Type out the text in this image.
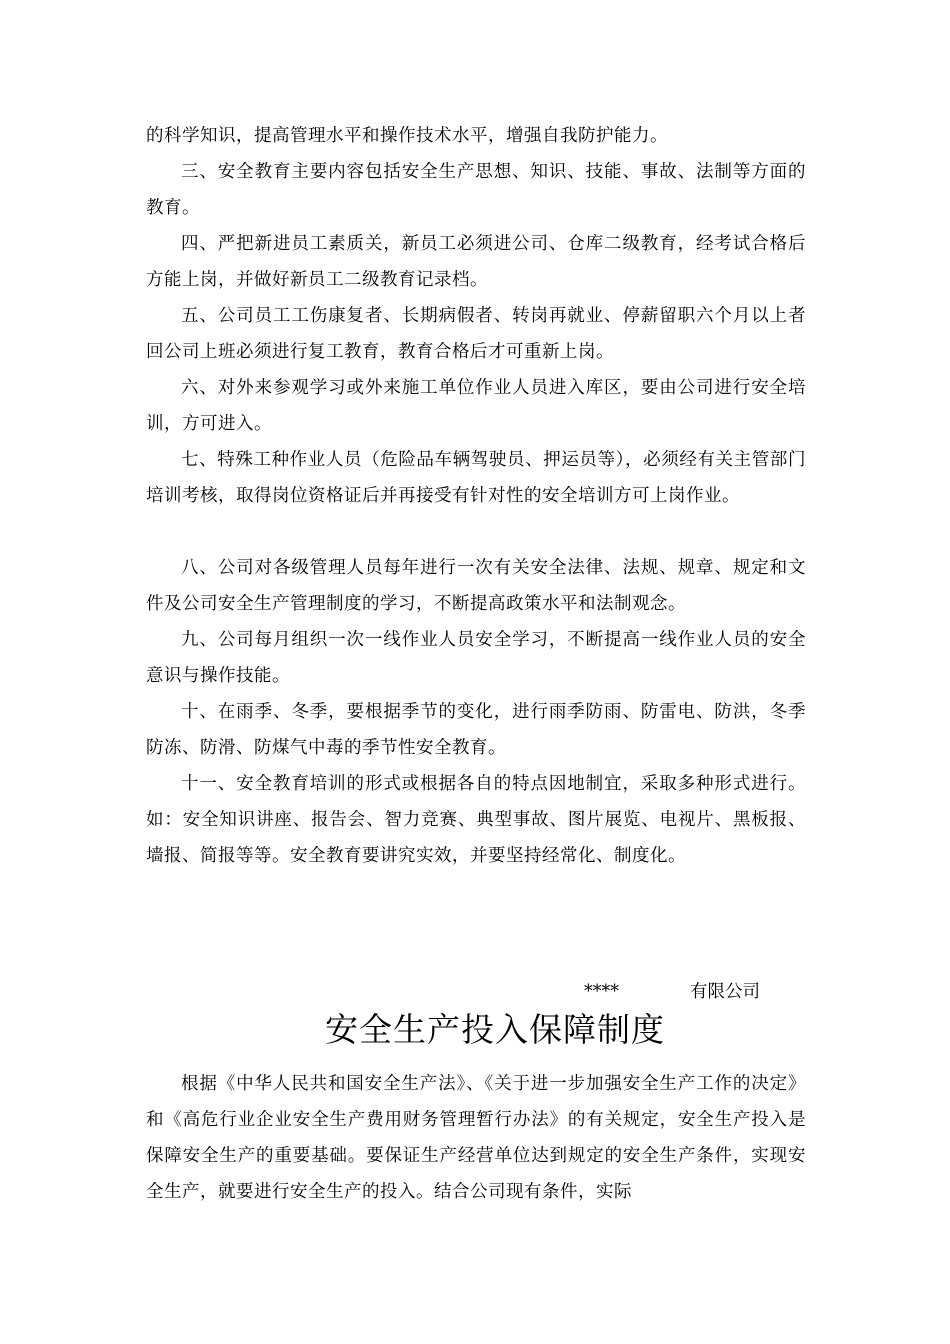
的科学知识，提高管理水平和操作技术水平，增强自我防护能力。

三、安全教育主要内容包括安全生产思想、知识、技能、事故、法制等方面的教育。

四、严把新进员工素质关，新员工必须进公司、仓库二级教育，经考试合格后方能上岗，并做好新员工二级教育记录档。

五、公司员工工伤康复者、长期病假者、转岗再就业、停薪留职六个月以上者回公司上班必须进行复工教育，教育合格后才可重新上岗。

六、对外来参观学习或外来施工单位作业人员进入库区，要由公司进行安全培训，方可进入。

七、特殊工种作业人员（危险品车辆驾驶员、押运员等），必须经有关主管部门培训考核，取得岗位资格证后并再接受有针对性的安全培训方可上岗作业。

八、公司对各级管理人员每年进行一次有关安全法律、法规、规章、规定和文件及公司安全生产管理制度的学习，不断提高政策水平和法制观念。

九、公司每月组织一次一线作业人员安全学习，不断提高一线作业人员的安全意识与操作技能。

十、在雨季、冬季，要根据季节的变化，进行雨季防雨、防雷电、防洪，冬季防冻、防滑、防煤气中毒的季节性安全教育。

十一、安全教育培训的形式或根据各自的特点因地制宜，采取多种形式进行。如：安全知识讲座、报告会、智力竞赛、典型事故、图片展览、电视片、黑板报、墙报、简报等等。安全教育要讲究实效，并要坚持经常化、制度化。

****	有限公司
安全生产投入保障制度

根据《中华人民共和国安全生产法》、《关于进一步加强安全生产工作的决定》和《高危行业企业安全生产费用财务管理暂行办法》的有关规定，安全生产投入是保障安全生产的重要基础。要保证生产经营单位达到规定的安全生产条件，实现安全生产，就要进行安全生产的投入。结合公司现有条件，实际
